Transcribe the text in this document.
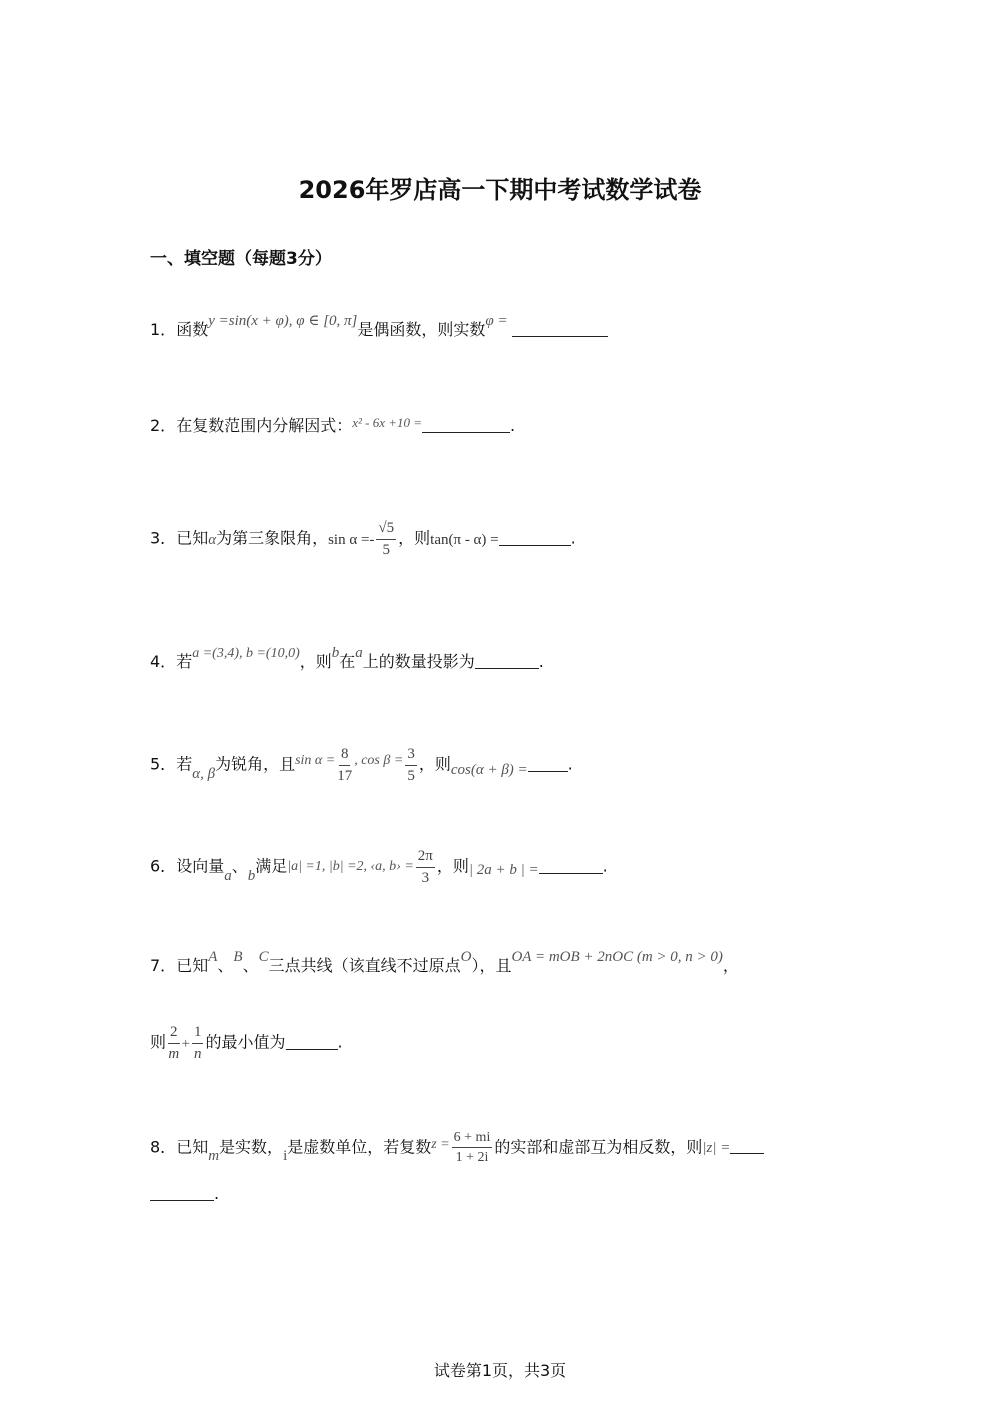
2026年罗店高一下期中考试数学试卷
一、填空题（每题3分）
1．函数y =sin(x + φ), φ ∈ [0, π]是偶函数，则实数φ =
2．在复数范围内分解因式：x² - 6x +10 =	.
3．已知α为第三象限角，$\sin \alpha =- \frac{√5}{5}$ ，则tan(π - α) =	.
4．若a =(3,4), b =(10,0)，则b在a上的数量投影为	.
5．若α, β为锐角，且$\sin \alpha = \frac{8}{17}$ , $\cos \beta = \frac{3}{5}$ ，则cos(α + β) =	.
6．设向量a、b满足|a| =1, |b| =2, ‹a, b› = $\frac{2\pi}{3}$ ，则| 2a + b | =	.
7．已知A、B、C三点共线（该直线不过原点O），且OA = mOB + 2nOC (m > 0, n > 0)，
则 $\frac{2}{m} + \frac{1}{n}$ 的最小值为	.
8．已知m是实数，i是虚数单位，若复数$z = \frac{6 + mi}{1 + 2i}$ 的实部和虚部互为相反数，则|z| =
.
试卷第1页，共3页
